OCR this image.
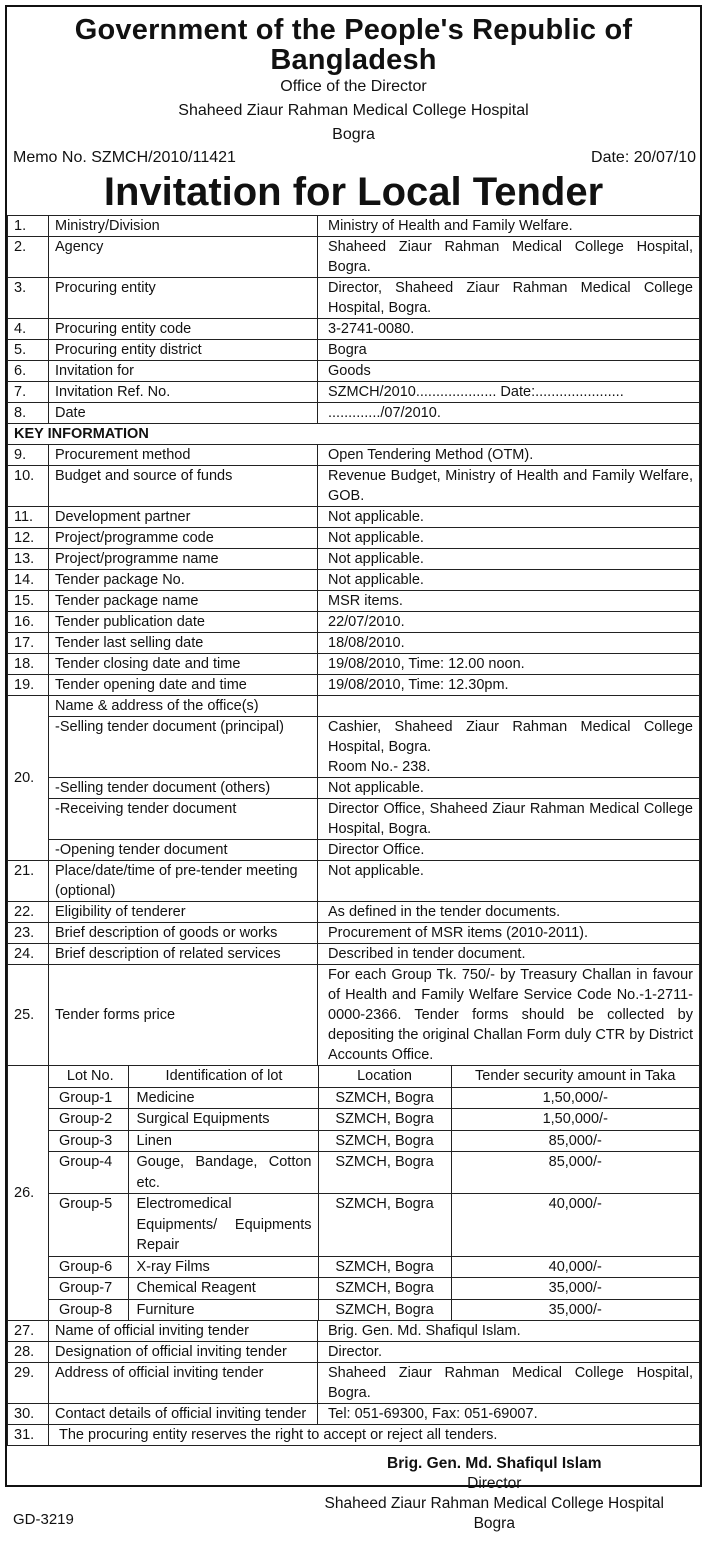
Government of the People's Republic of Bangladesh
Office of the Director
Shaheed Ziaur Rahman Medical College Hospital
Bogra
Memo No. SZMCH/2010/11421	Date: 20/07/10
Invitation for Local Tender
1.	Ministry/Division	Ministry of Health and Family Welfare.
2.	Agency	Shaheed Ziaur Rahman Medical College Hospital, Bogra.
3.	Procuring entity	Director, Shaheed Ziaur Rahman Medical College Hospital, Bogra.
4.	Procuring entity code	3-2741-0080.
5.	Procuring entity district	Bogra
6.	Invitation for	Goods
7.	Invitation Ref. No.	SZMCH/2010.................... Date:......................
8.	Date	............./07/2010.
KEY INFORMATION
9.	Procurement method	Open Tendering Method (OTM).
10.	Budget and source of funds	Revenue Budget, Ministry of Health and Family Welfare, GOB.
11.	Development partner	Not applicable.
12.	Project/programme code	Not applicable.
13.	Project/programme name	Not applicable.
14.	Tender package No.	Not applicable.
15.	Tender package name	MSR items.
16.	Tender publication date	22/07/2010.
17.	Tender last selling date	18/08/2010.
18.	Tender closing date and time	19/08/2010, Time: 12.00 noon.
19.	Tender opening date and time	19/08/2010, Time: 12.30pm.
20.	Name & address of the office(s)	
-Selling tender document (principal)	Cashier, Shaheed Ziaur Rahman Medical College Hospital, Bogra.
Room No.- 238.
-Selling tender document (others)	Not applicable.
-Receiving tender document	Director Office, Shaheed Ziaur Rahman Medical College Hospital, Bogra.
-Opening tender document	Director Office.
21.	Place/date/time of pre-tender meeting (optional)	Not applicable.
22.	Eligibility of tenderer	As defined in the tender documents.
23.	Brief description of goods or works	Procurement of MSR items (2010-2011).
24.	Brief description of related services	Described in tender document.
25.	Tender forms price	For each Group Tk. 750/- by Treasury Challan in favour of Health and Family Welfare Service Code No.-1-2711-0000-2366. Tender forms should be collected by depositing the original Challan Form duly CTR by District Accounts Office.
26.	
Lot No.	Identification of lot	Location	Tender security amount in Taka
Group-1	Medicine	SZMCH, Bogra	1,50,000/-
Group-2	Surgical Equipments	SZMCH, Bogra	1,50,000/-
Group-3	Linen	SZMCH, Bogra	85,000/-
Group-4	Gouge, Bandage, Cotton etc.	SZMCH, Bogra	85,000/-
Group-5	Electromedical Equipments/ Equipments Repair	SZMCH, Bogra	40,000/-
Group-6	X-ray Films	SZMCH, Bogra	40,000/-
Group-7	Chemical Reagent	SZMCH, Bogra	35,000/-
Group-8	Furniture	SZMCH, Bogra	35,000/-

27.	Name of official inviting tender	Brig. Gen. Md. Shafiqul Islam.
28.	Designation of official inviting tender	Director.
29.	Address of official inviting tender	Shaheed Ziaur Rahman Medical College Hospital, Bogra.
30.	Contact details of official inviting tender	Tel: 051-69300, Fax: 051-69007.
31.	The procuring entity reserves the right to accept or reject all tenders.
Brig. Gen. Md. Shafiqul Islam
Director
Shaheed Ziaur Rahman Medical College Hospital
Bogra
GD-3219
